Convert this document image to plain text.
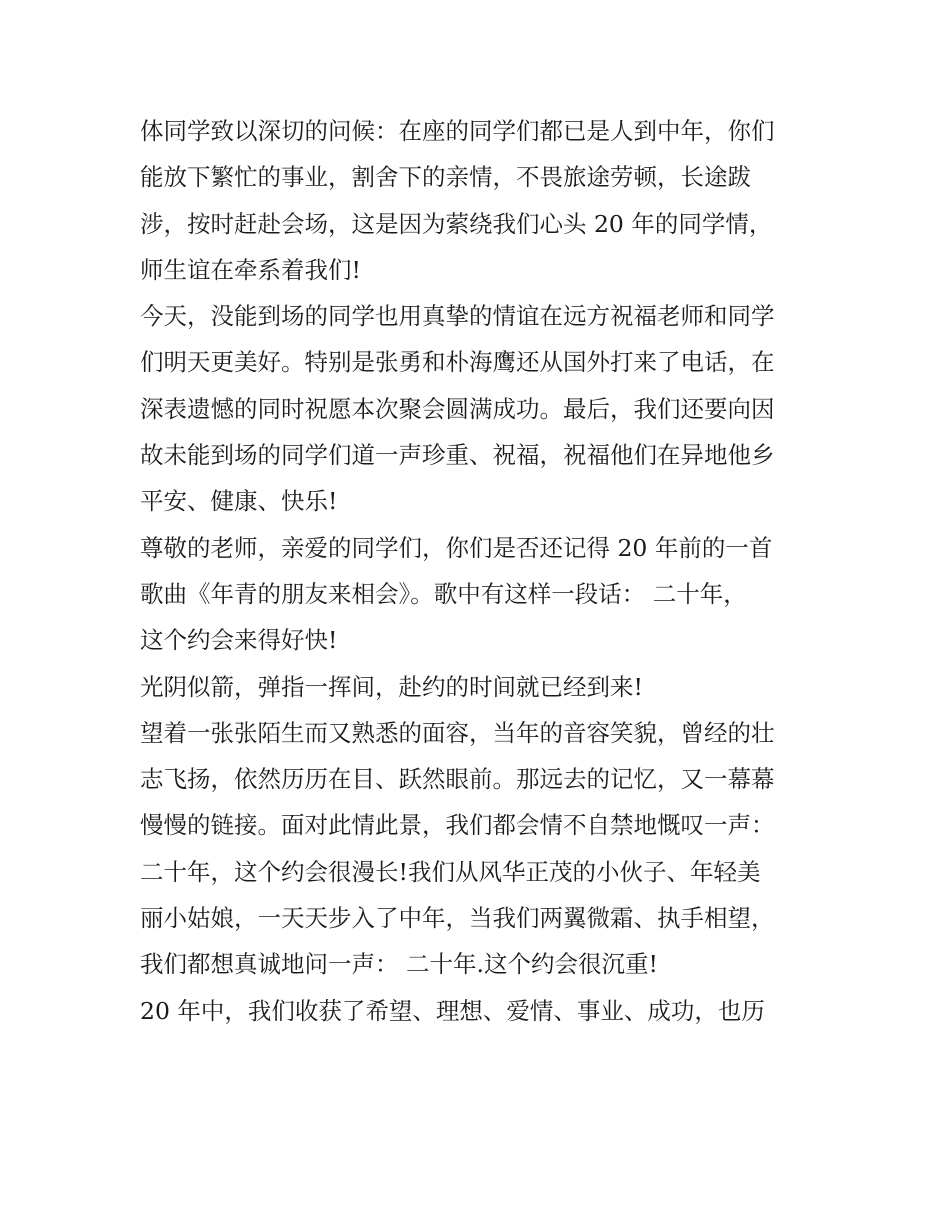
体同学致以深切的问候：在座的同学们都已是人到中年，你们
能放下繁忙的事业，割舍下的亲情，不畏旅途劳顿，长途跋
涉，按时赶赴会场，这是因为萦绕我们心头 20 年的同学情，
师生谊在牵系着我们!
今天，没能到场的同学也用真挚的情谊在远方祝福老师和同学
们明天更美好。特别是张勇和朴海鹰还从国外打来了电话，在
深表遗憾的同时祝愿本次聚会圆满成功。最后，我们还要向因
故未能到场的同学们道一声珍重、祝福，祝福他们在异地他乡
平安、健康、快乐!
尊敬的老师，亲爱的同学们，你们是否还记得 20 年前的一首
歌曲《年青的朋友来相会》。歌中有这样一段话： 二十年，
这个约会来得好快!
光阴似箭，弹指一挥间，赴约的时间就已经到来!
望着一张张陌生而又熟悉的面容，当年的音容笑貌，曾经的壮
志飞扬，依然历历在目、跃然眼前。那远去的记忆，又一幕幕
慢慢的链接。面对此情此景，我们都会情不自禁地慨叹一声：
二十年，这个约会很漫长!我们从风华正茂的小伙子、年轻美
丽小姑娘，一天天步入了中年，当我们两翼微霜、执手相望，
我们都想真诚地问一声： 二十年.这个约会很沉重!
20 年中，我们收获了希望、理想、爱情、事业、成功，也历
